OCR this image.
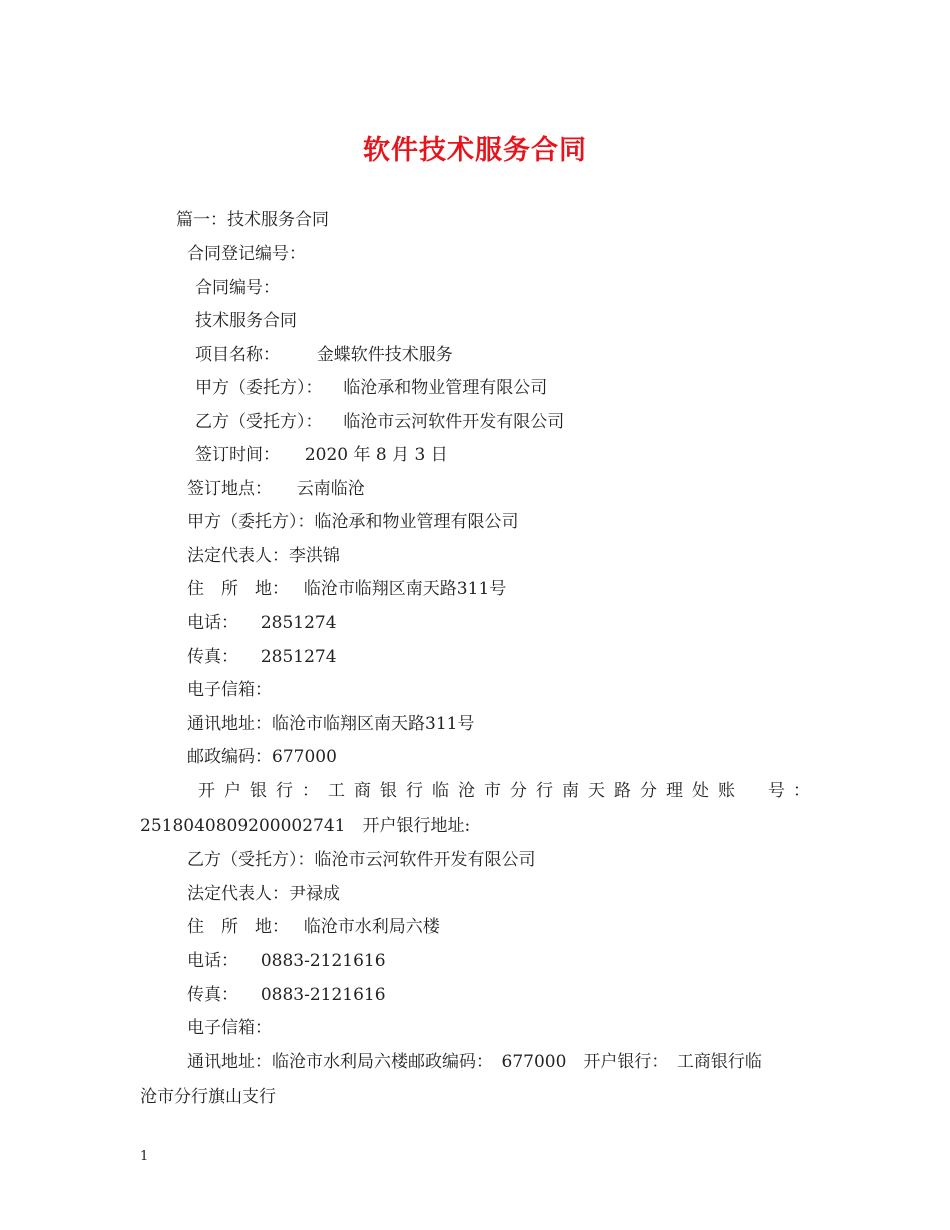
软件技术服务合同
篇一：技术服务合同
合同登记编号：
合同编号：
技术服务合同
项目名称： 金蝶软件技术服务
甲方（委托方）： 临沧承和物业管理有限公司
乙方（受托方）： 临沧市云河软件开发有限公司
签订时间： 2020 年 8 月 3 日
签订地点： 云南临沧
甲方（委托方）：临沧承和物业管理有限公司
法定代表人：李洪锦
住　所　地： 临沧市临翔区南天路311号
电话： 2851274
传真： 2851274
电子信箱：
通讯地址：临沧市临翔区南天路311号
邮政编码：677000
开户银行：工商银行临沧市分行南天路分理处 账　号：
2518040809200002741　开户银行地址:
乙方（受托方）：临沧市云河软件开发有限公司
法定代表人：尹禄成
住　所　地： 临沧市水利局六楼
电话： 0883-2121616
传真： 0883-2121616
电子信箱：
通讯地址：临沧市水利局六楼邮政编码：　677000　开户银行：　工商银行临
沧市分行旗山支行
1
